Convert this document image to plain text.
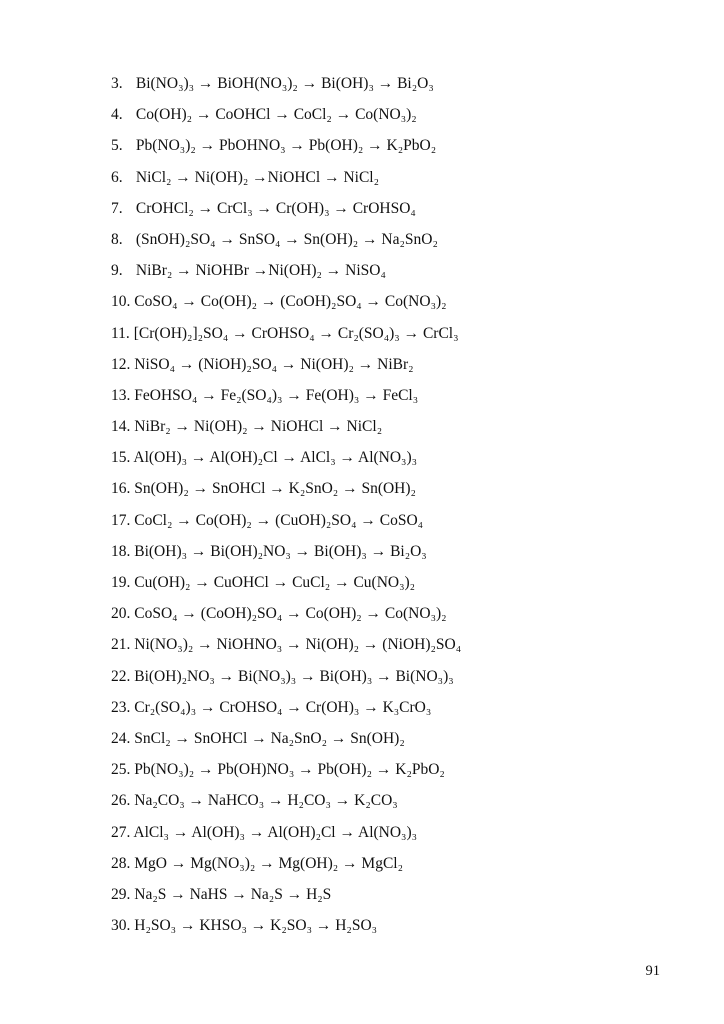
3. Bi(NO₃)₃ → BiOH(NO₃)₂ → Bi(OH)₃ → Bi₂O₃
4. Co(OH)₂ → CoOHCl → CoCl₂ → Co(NO₃)₂
5. Pb(NO₃)₂ → PbOHNO₃ → Pb(OH)₂ → K₂PbO₂
6. NiCl₂ → Ni(OH)₂ →NiOHCl → NiCl₂
7. CrOHCl₂ → CrCl₃ → Cr(OH)₃ → CrOHSO₄
8. (SnOH)₂SO₄ → SnSO₄ → Sn(OH)₂ → Na₂SnO₂
9. NiBr₂ → NiOHBr →Ni(OH)₂ → NiSO₄
10. CoSO₄ → Co(OH)₂ → (CoOH)₂SO₄ → Co(NO₃)₂
11. [Cr(OH)₂]₂SO₄ → CrOHSO₄ → Cr₂(SO₄)₃ → CrCl₃
12. NiSO₄ → (NiOH)₂SO₄ → Ni(OH)₂ → NiBr₂
13. FeOHSO₄ → Fe₂(SO₄)₃ → Fe(OH)₃ → FeCl₃
14. NiBr₂ → Ni(OH)₂ → NiOHCl → NiCl₂
15. Al(OH)₃ → Al(OH)₂Cl → AlCl₃ → Al(NO₃)₃
16. Sn(OH)₂ → SnOHCl → K₂SnO₂ → Sn(OH)₂
17. CoCl₂ → Co(OH)₂ → (CuOH)₂SO₄ → CoSO₄
18. Bi(OH)₃ → Bi(OH)₂NO₃ → Bi(OH)₃ → Bi₂O₃
19. Cu(OH)₂ → CuOHCl → CuCl₂ → Cu(NO₃)₂
20. CoSO₄ → (CoOH)₂SO₄ → Co(OH)₂ → Co(NO₃)₂
21. Ni(NO₃)₂ → NiOHNO₃ → Ni(OH)₂ → (NiOH)₂SO₄
22. Bi(OH)₂NO₃ → Bi(NO₃)₃ → Bi(OH)₃ → Bi(NO₃)₃
23. Cr₂(SO₄)₃ → CrOHSO₄ → Cr(OH)₃ → K₃CrO₃
24. SnCl₂ → SnOHCl → Na₂SnO₂ → Sn(OH)₂
25. Pb(NO₃)₂ → Pb(OH)NO₃ → Pb(OH)₂ → K₂PbO₂
26. Na₂CO₃ → NaHCO₃ → H₂CO₃ → K₂CO₃
27. AlCl₃ → Al(OH)₃ → Al(OH)₂Cl → Al(NO₃)₃
28. MgO → Mg(NO₃)₂ → Mg(OH)₂ → MgCl₂
29. Na₂S → NaHS → Na₂S → H₂S
30. H₂SO₃ → KHSO₃ → K₂SO₃ → H₂SO₃
91
